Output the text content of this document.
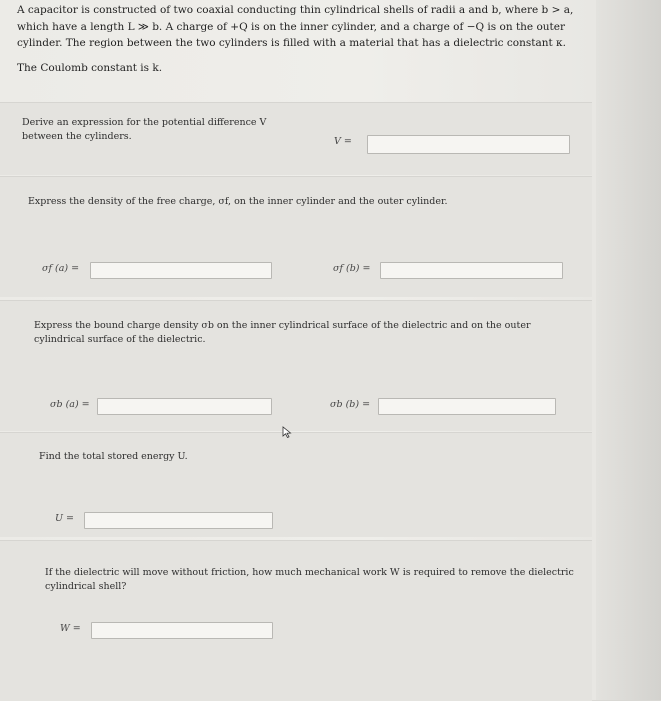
A capacitor is constructed of two coaxial conducting thin cylindrical shells of radii a and b, where b > a, which have a length L ≫ b. A charge of +Q is on the inner cylinder, and a charge of −Q is on the outer cylinder. The region between the two cylinders is filled with a material that has a dielectric constant κ.

The Coulomb constant is k.

Derive an expression for the potential difference V between the cylinders.	V =
Express the density of the free charge, σf, on the inner cylinder and the outer cylinder.
σf (a) =	σf (b) =
Express the bound charge density σb on the inner cylindrical surface of the dielectric and on the outer cylindrical surface of the dielectric.
σb (a) =	σb (b) =
Find the total stored energy U.
U =
If the dielectric will move without friction, how much mechanical work W is required to remove the dielectric cylindrical shell?
W =
